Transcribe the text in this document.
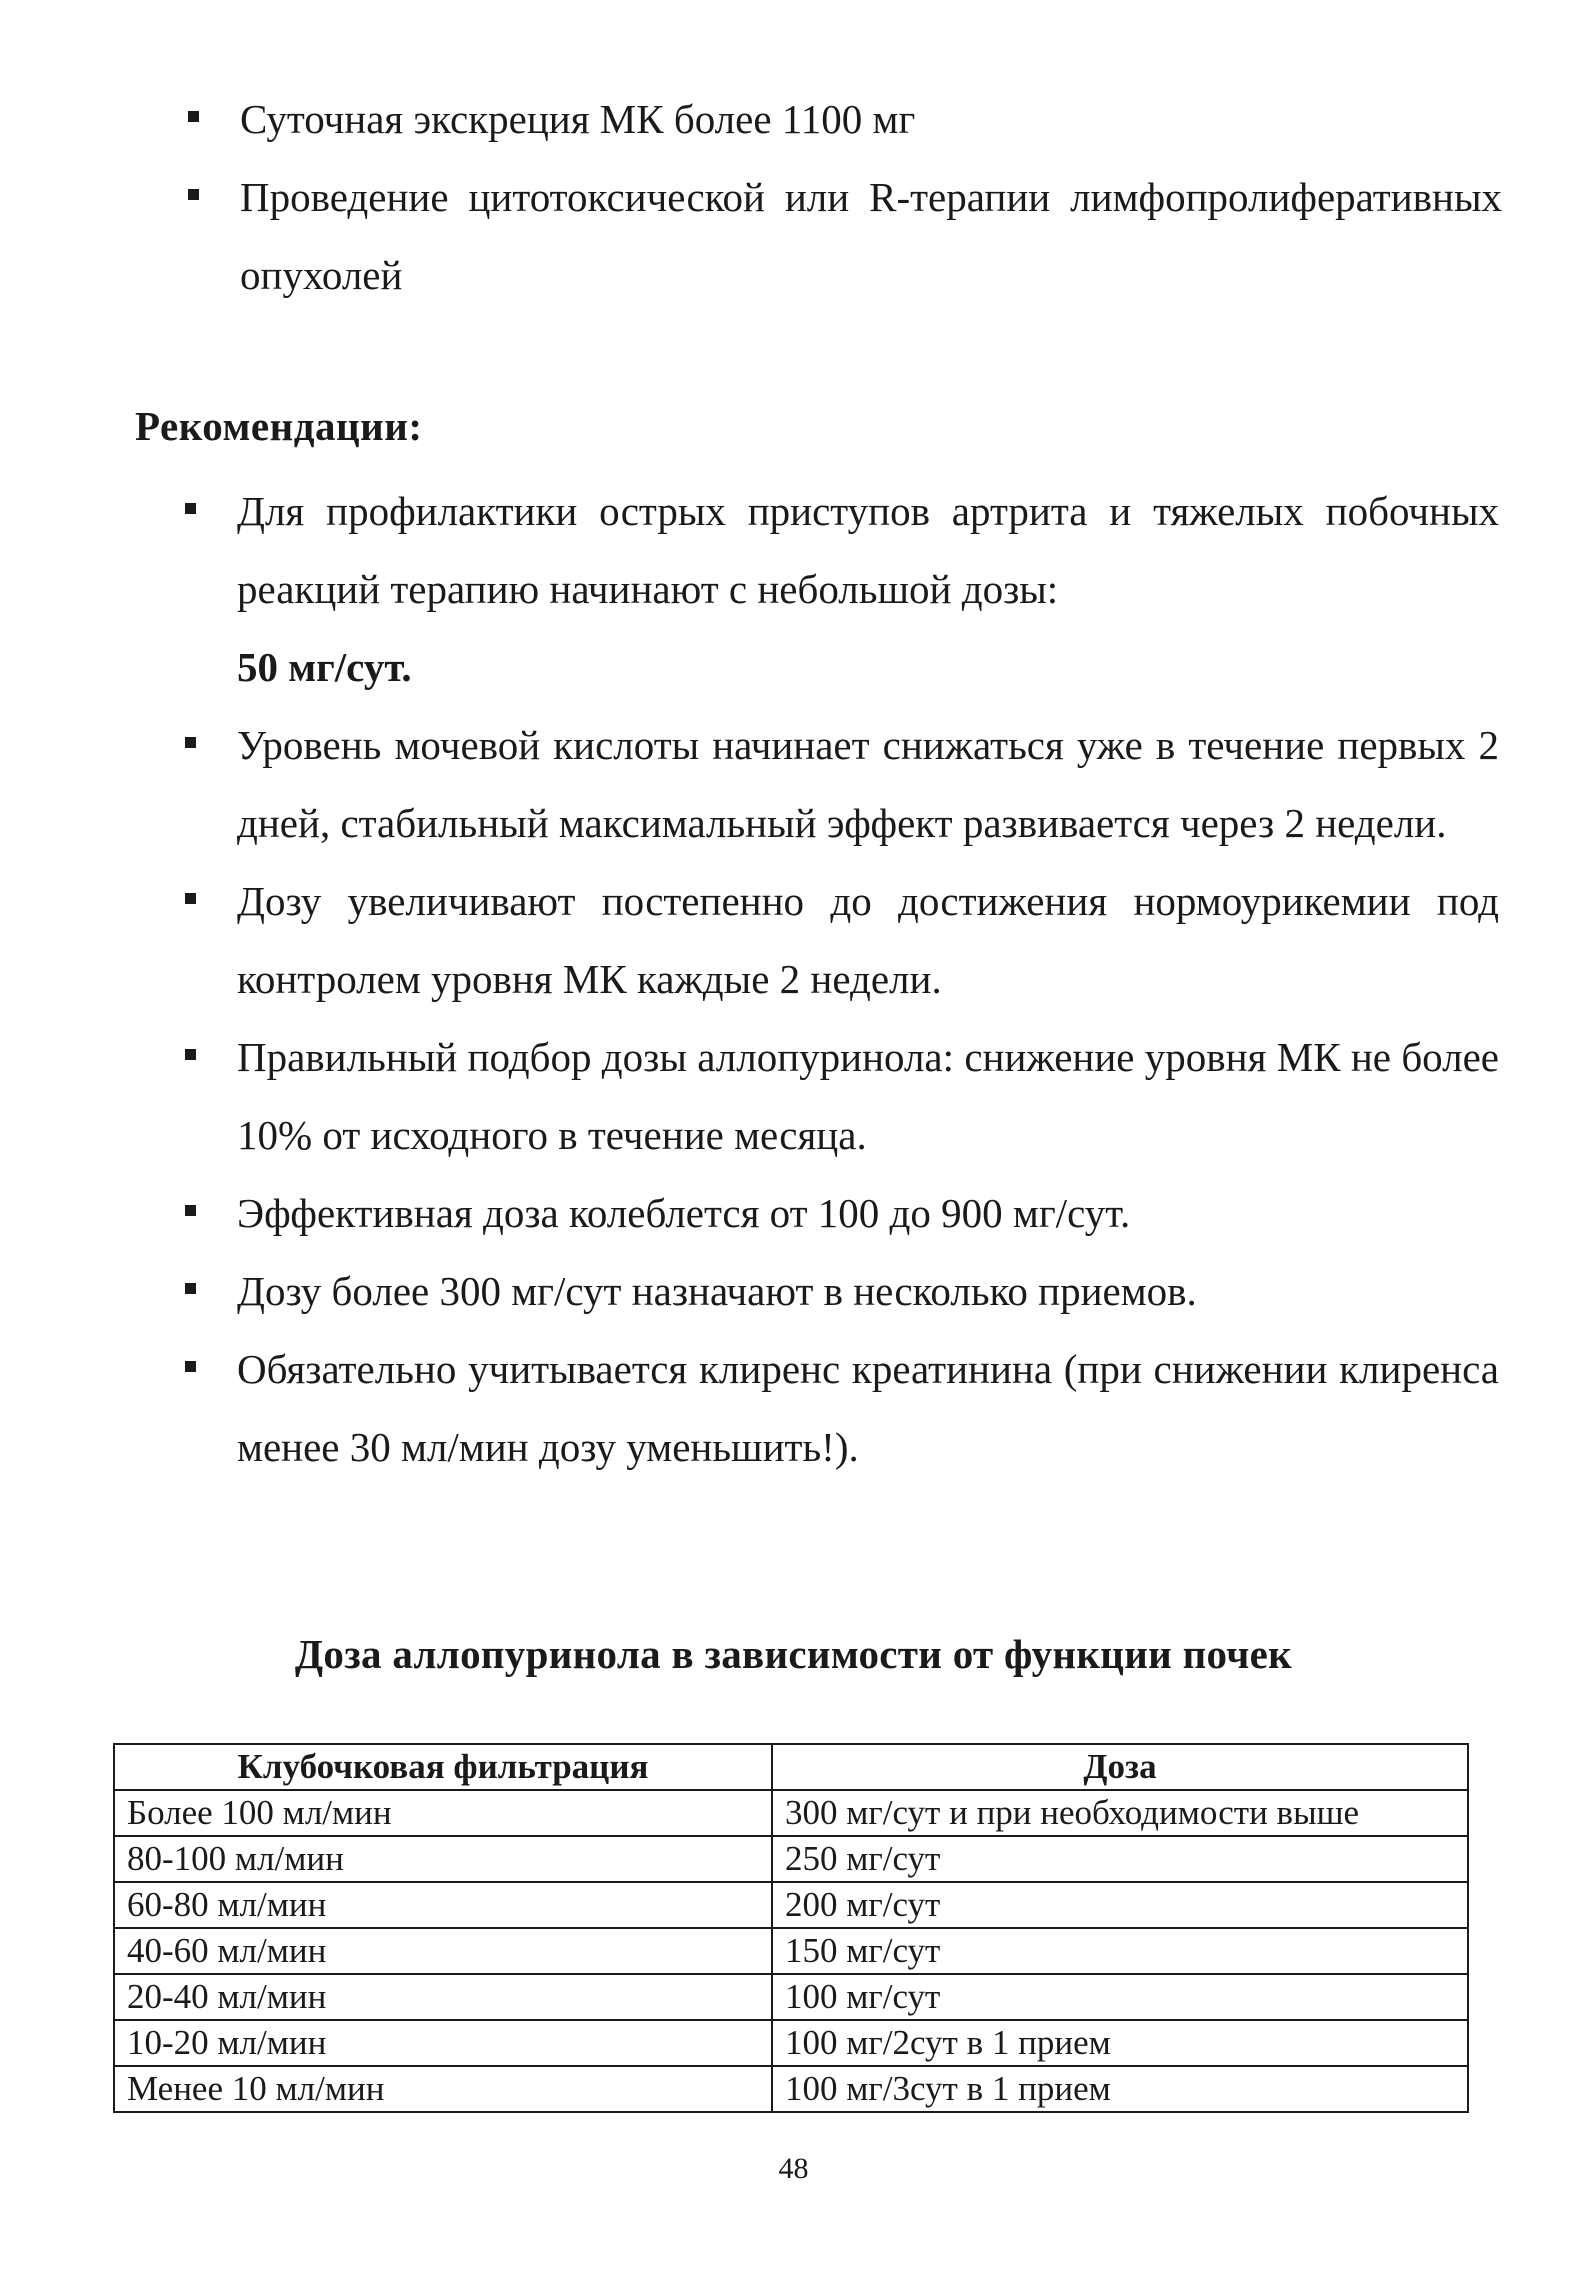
Суточная экскреция МК более 1100 мг
Проведение цитотоксической или R-терапии лимфопролиферативных опухолей
Рекомендации:
Для профилактики острых приступов артрита и тяжелых побочных реакций терапию начинают с небольшой дозы:
50 мг/сут.
Уровень мочевой кислоты начинает снижаться уже в течение первых 2 дней, стабильный максимальный эффект развивается через 2 недели.
Дозу увеличивают постепенно до достижения нормоурикемии под контролем уровня МК каждые 2 недели.
Правильный подбор дозы аллопуринола: снижение уровня МК не более 10% от исходного в течение месяца.
Эффективная доза колеблется от 100 до 900 мг/сут.
Дозу более 300 мг/сут назначают в несколько приемов.
Обязательно учитывается клиренс креатинина (при снижении клиренса менее 30 мл/мин дозу уменьшить!).
Доза аллопуринола в зависимости от функции почек
Клубочковая фильтрация	Доза
Более 100 мл/мин	300 мг/сут и при необходимости выше
80-100 мл/мин	250 мг/сут
60-80 мл/мин	200 мг/сут
40-60 мл/мин	150 мг/сут
20-40 мл/мин	100 мг/сут
10-20 мл/мин	100 мг/2сут в 1 прием
Менее 10 мл/мин	100 мг/3сут в 1 прием
48
